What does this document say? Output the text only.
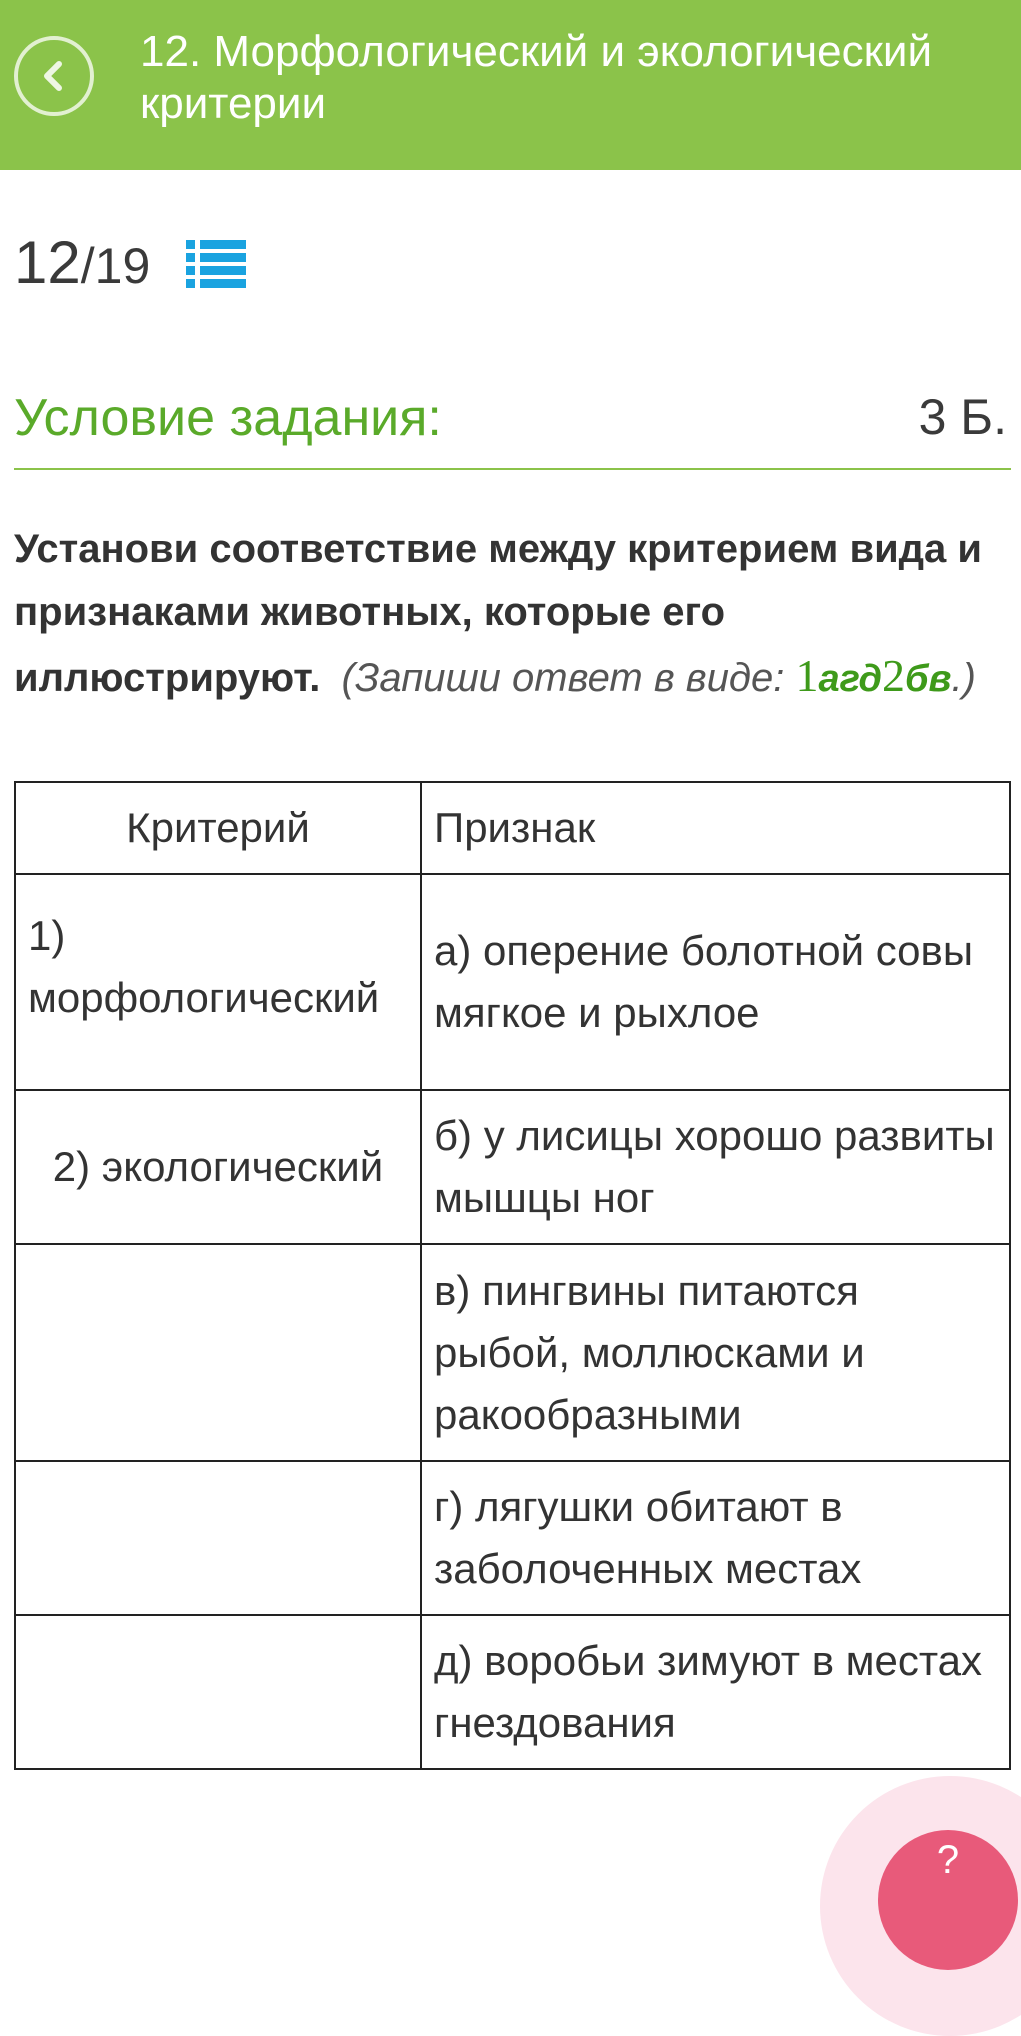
12. Морфологический и экологический критерии
12 / 19
Условие задания:	3 Б.
Установи соответствие между критерием вида и признаками животных, которые его иллюстрируют. (Запиши ответ в виде: 1агд2бв.)
Критерий	Признак
1) морфологический	а) оперение болотной совы мягкое и рыхлое
2) экологический	б) у лисицы хорошо развиты мышцы ног
	в) пингвины питаются рыбой, моллюсками и ракообразными
	г) лягушки обитают в заболоченных местах
	д) воробьи зимуют в местах гнездования
?
